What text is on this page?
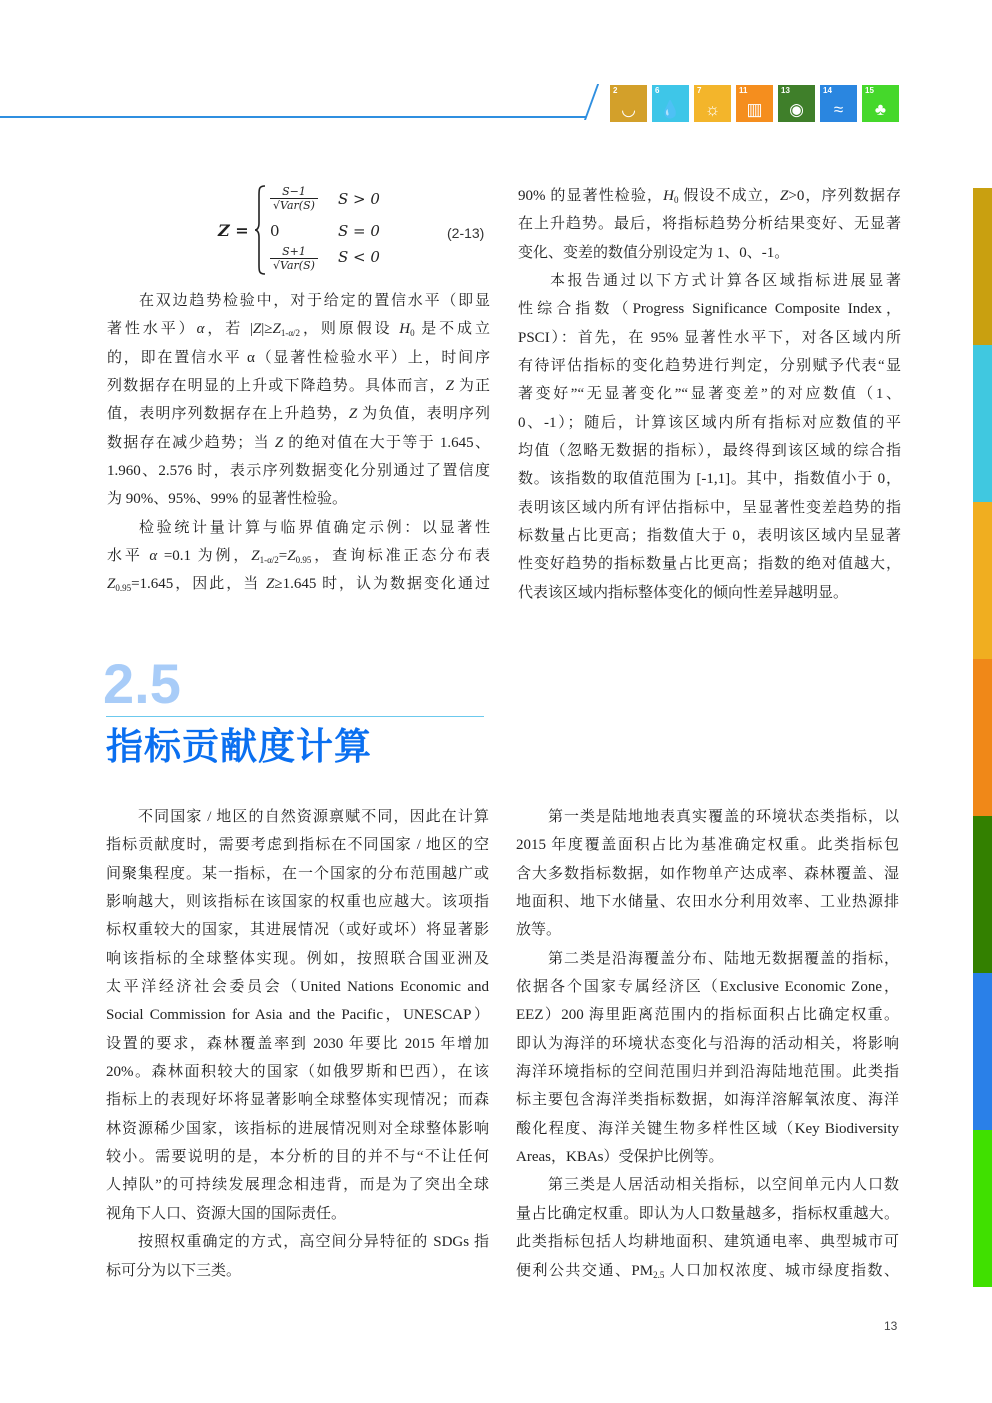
2
◡
6
💧
7
☼
11
▥
13
◉
14
≈
15
♣
Z =
S−1
√Var(S) S > 0
0	S = 0
S+1
√Var(S) S < 0
(2-13)
在双边趋势检验中，对于给定的置信水平（即显
著性水平）α，若 $|Z|\ge Z_{1-\alpha/2}$，则原假设 $H_0$ 是不成立
的，即在置信水平 α（显著性检验水平）上，时间序
列数据存在明显的上升或下降趋势。具体而言，Z 为正
值，表明序列数据存在上升趋势，Z 为负值，表明序列
数据存在减少趋势；当 Z 的绝对值在大于等于 1.645、
1.960、2.576 时，表示序列数据变化分别通过了置信度
为 90%、95%、99% 的显著性检验。
检验统计量计算与临界值确定示例：以显著性
水平 α =0.1 为例，$Z_{1-\alpha/2}=Z_{0.95}$，查询标准正态分布表
$Z_{0.95}=1.645$，因此，当 Z≥1.645 时，认为数据变化通过
90% 的显著性检验，$H_0$ 假设不成立，Z>0，序列数据存
在上升趋势。最后，将指标趋势分析结果变好、无显著
变化、变差的数值分别设定为 1、0、-1。
本报告通过以下方式计算各区域指标进展显著
性综合指数（Progress Significance Composite Index，
PSCI）：首先，在 95% 显著性水平下，对各区域内所
有待评估指标的变化趋势进行判定，分别赋予代表“显
著变好”“无显著变化”“显著变差”的对应数值（1、
0、-1）；随后，计算该区域内所有指标对应数值的平
均值（忽略无数据的指标），最终得到该区域的综合指
数。该指数的取值范围为 [-1,1]。其中，指数值小于 0，
表明该区域内所有评估指标中，呈显著性变差趋势的指
标数量占比更高；指数值大于 0，表明该区域内呈显著
性变好趋势的指标数量占比更高；指数的绝对值越大，
代表该区域内指标整体变化的倾向性差异越明显。
2.5
指标贡献度计算
不同国家 / 地区的自然资源禀赋不同，因此在计算
指标贡献度时，需要考虑到指标在不同国家 / 地区的空
间聚集程度。某一指标，在一个国家的分布范围越广或
影响越大，则该指标在该国家的权重也应越大。该项指
标权重较大的国家，其进展情况（或好或坏）将显著影
响该指标的全球整体实现。例如，按照联合国亚洲及
太平洋经济社会委员会（United Nations Economic and
Social Commission for Asia and the Pacific，UNESCAP）
设置的要求，森林覆盖率到 2030 年要比 2015 年增加
20%。森林面积较大的国家（如俄罗斯和巴西），在该
指标上的表现好坏将显著影响全球整体实现情况；而森
林资源稀少国家，该指标的进展情况则对全球整体影响
较小。需要说明的是，本分析的目的并不与“不让任何
人掉队”的可持续发展理念相违背，而是为了突出全球
视角下人口、资源大国的国际责任。
按照权重确定的方式，高空间分异特征的 SDGs 指
标可分为以下三类。
第一类是陆地地表真实覆盖的环境状态类指标，以
2015 年度覆盖面积占比为基准确定权重。此类指标包
含大多数指标数据，如作物单产达成率、森林覆盖、湿
地面积、地下水储量、农田水分利用效率、工业热源排
放等。
第二类是沿海覆盖分布、陆地无数据覆盖的指标，
依据各个国家专属经济区（Exclusive Economic Zone，
EEZ）200 海里距离范围内的指标面积占比确定权重。
即认为海洋的环境状态变化与沿海的活动相关，将影响
海洋环境指标的空间范围归并到沿海陆地范围。此类指
标主要包含海洋类指标数据，如海洋溶解氧浓度、海洋
酸化程度、海洋关键生物多样性区域（Key Biodiversity
Areas，KBAs）受保护比例等。
第三类是人居活动相关指标，以空间单元内人口数
量占比确定权重。即认为人口数量越多，指标权重越大。
此类指标包括人均耕地面积、建筑通电率、典型城市可
便利公共交通、$PM_{2.5}$ 人口加权浓度、城市绿度指数、
13
